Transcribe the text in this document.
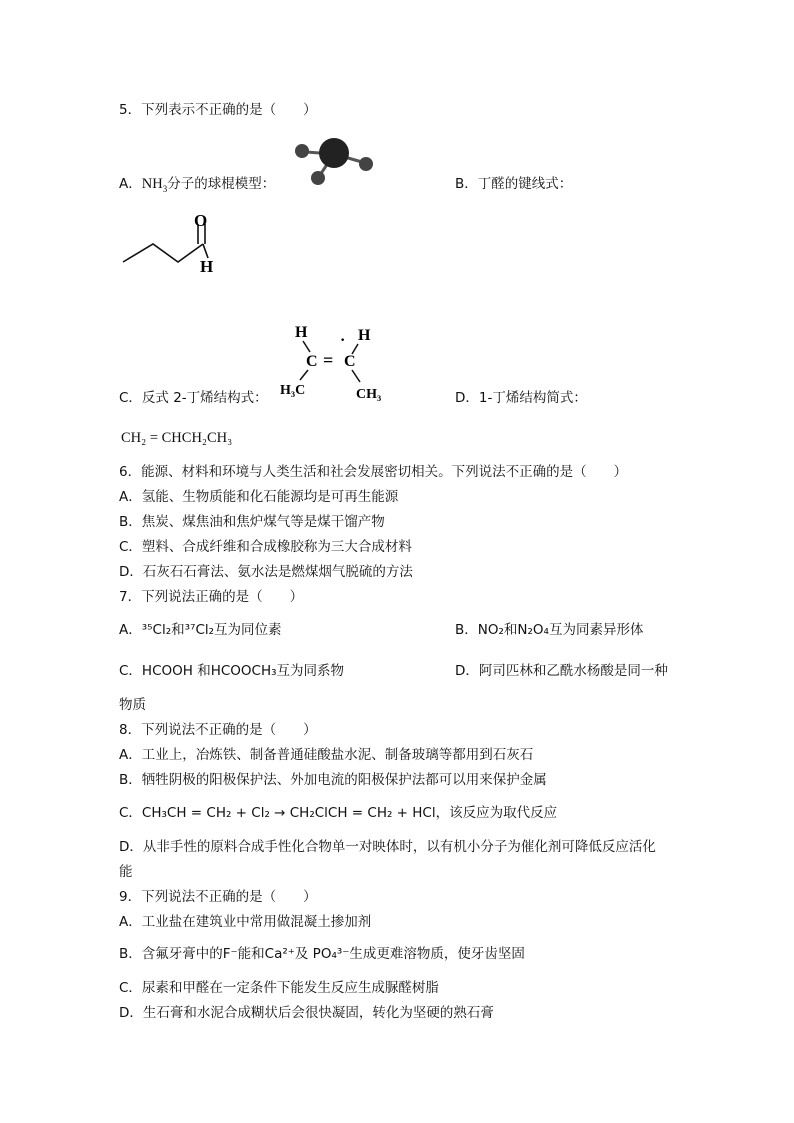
5．下列表示不正确的是（　　）
A．$NH_3$分子的球棍模型：	B．丁醛的键线式：
O
H
H	H
·
C = C
H₃C	CH₃
C．反式 2-丁烯结构式：	D．1-丁烯结构简式：
CH₂ = CHCH₂CH₃
6．能源、材料和环境与人类生活和社会发展密切相关。下列说法不正确的是（　　）
A．氢能、生物质能和化石能源均是可再生能源
B．焦炭、煤焦油和焦炉煤气等是煤干馏产物
C．塑料、合成纤维和合成橡胶称为三大合成材料
D．石灰石石膏法、氨水法是燃煤烟气脱硫的方法
7．下列说法正确的是（　　）
A．³⁵Cl₂和³⁷Cl₂互为同位素	B．NO₂和N₂O₄互为同素异形体
C．HCOOH 和HCOOCH₃互为同系物	D．阿司匹林和乙酰水杨酸是同一种
物质
8．下列说法不正确的是（　　）
A．工业上，冶炼铁、制备普通硅酸盐水泥、制备玻璃等都用到石灰石
B．牺牲阴极的阳极保护法、外加电流的阳极保护法都可以用来保护金属
C．CH₃CH = CH₂ + Cl₂ → CH₂ClCH = CH₂ + HCl，该反应为取代反应
D．从非手性的原料合成手性化合物单一对映体时，以有机小分子为催化剂可降低反应活化
能
9．下列说法不正确的是（　　）
A．工业盐在建筑业中常用做混凝土掺加剂
B．含氟牙膏中的F⁻能和Ca²⁺及 PO₄³⁻生成更难溶物质，使牙齿坚固
C．尿素和甲醛在一定条件下能发生反应生成脲醛树脂
D．生石膏和水泥合成糊状后会很快凝固，转化为坚硬的熟石膏
